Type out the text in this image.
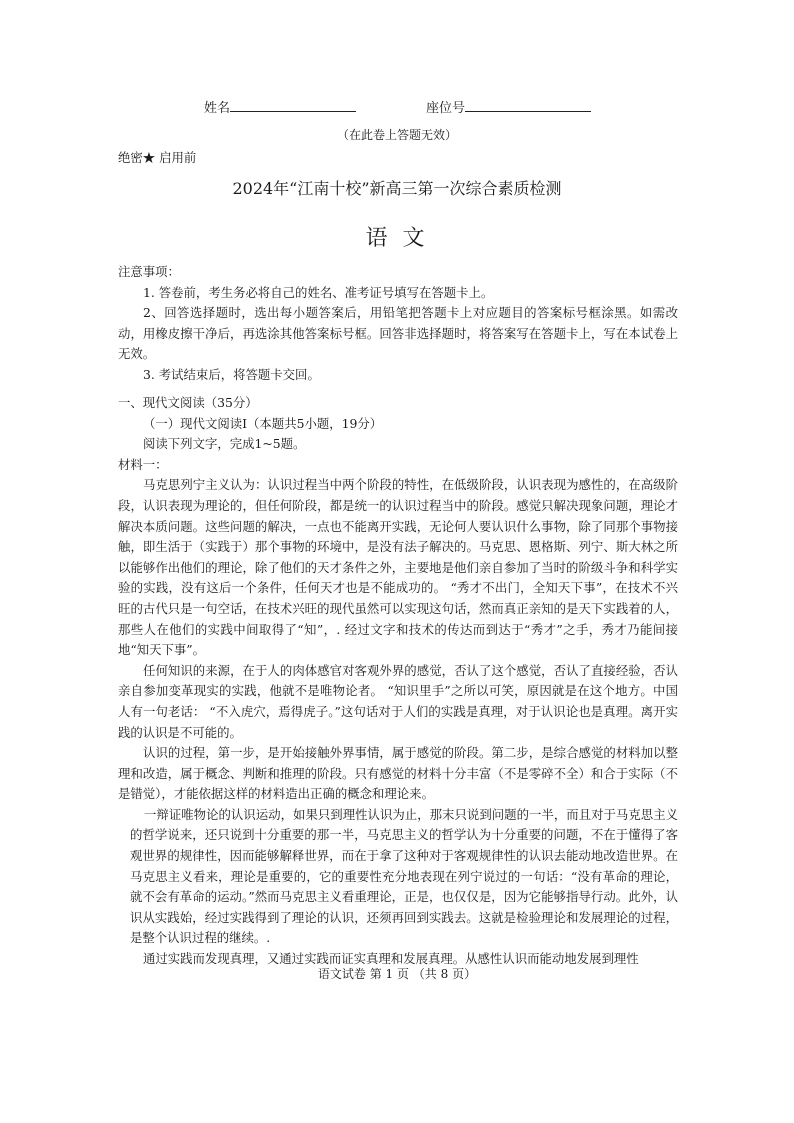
姓名	座位号
（在此卷上答题无效）
绝密★ 启用前
2024年“江南十校”新高三第一次综合素质检测
语 文

注意事项：

1. 答卷前，考生务必将自己的姓名、准考证号填写在答题卡上。

2、回答选择题时，选出每小题答案后，用铅笔把答题卡上对应题目的答案标号框涂黑。如需改动，用橡皮擦干净后，再选涂其他答案标号框。回答非选择题时，将答案写在答题卡上，写在本试卷上无效。

3. 考试结束后，将答题卡交回。

一、现代文阅读（35分）

（一）现代文阅读Ⅰ（本题共5小题，19分）

阅读下列文字，完成1~5题。

材料一：

马克思列宁主义认为：认识过程当中两个阶段的特性，在低级阶段，认识表现为感性的，在高级阶段，认识表现为理论的，但任何阶段，都是统一的认识过程当中的阶段。感觉只解决现象问题，理论才解决本质问题。这些问题的解决，一点也不能离开实践，无论何人要认识什么事物，除了同那个事物接触，即生活于（实践于）那个事物的环境中，是没有法子解决的。马克思、恩格斯、列宁、斯大林之所以能够作出他们的理论，除了他们的天才条件之外，主要地是他们亲自参加了当时的阶级斗争和科学实验的实践，没有这后一个条件，任何天才也是不能成功的。 “秀才不出门，全知天下事”，在技术不兴旺的古代只是一句空话，在技术兴旺的现代虽然可以实现这句话，然而真正亲知的是天下实践着的人，那些人在他们的实践中间取得了“知”，. 经过文字和技术的传达而到达于“秀才”之手，秀才乃能间接地“知天下事”。

任何知识的来源，在于人的肉体感官对客观外界的感觉，否认了这个感觉，否认了直接经验，否认亲自参加变革现实的实践，他就不是唯物论者。 “知识里手”之所以可笑，原因就是在这个地方。中国人有一句老话： “不入虎穴，焉得虎子。”这句话对于人们的实践是真理，对于认识论也是真理。离开实践的认识是不可能的。

认识的过程，第一步，是开始接触外界事情，属于感觉的阶段。第二步，是综合感觉的材料加以整理和改造，属于概念、判断和推理的阶段。只有感觉的材料十分丰富（不是零碎不全）和合于实际（不是错觉），才能依据这样的材料造出正确的概念和理论来。

一辩证唯物论的认识运动，如果只到理性认识为止，那末只说到问题的一半，而且对于马克思主义的哲学说来，还只说到十分重要的那一半，马克思主义的哲学认为十分重要的问题，不在于懂得了客观世界的规律性，因而能够解释世界，而在于拿了这种对于客观规律性的认识去能动地改造世界。在马克思主义看来，理论是重要的，它的重要性充分地表现在列宁说过的一句话：“没有革命的理论，就不会有革命的运动。”然而马克思主义看重理论，正是，也仅仅是，因为它能够指导行动。此外，认识从实践始，经过实践得到了理论的认识，还须再回到实践去。这就是检验理论和发展理论的过程，是整个认识过程的继续。.

通过实践而发现真理，又通过实践而证实真理和发展真理。从感性认识而能动地发展到理性

语文试卷 第 1 页 （共 8 页）
